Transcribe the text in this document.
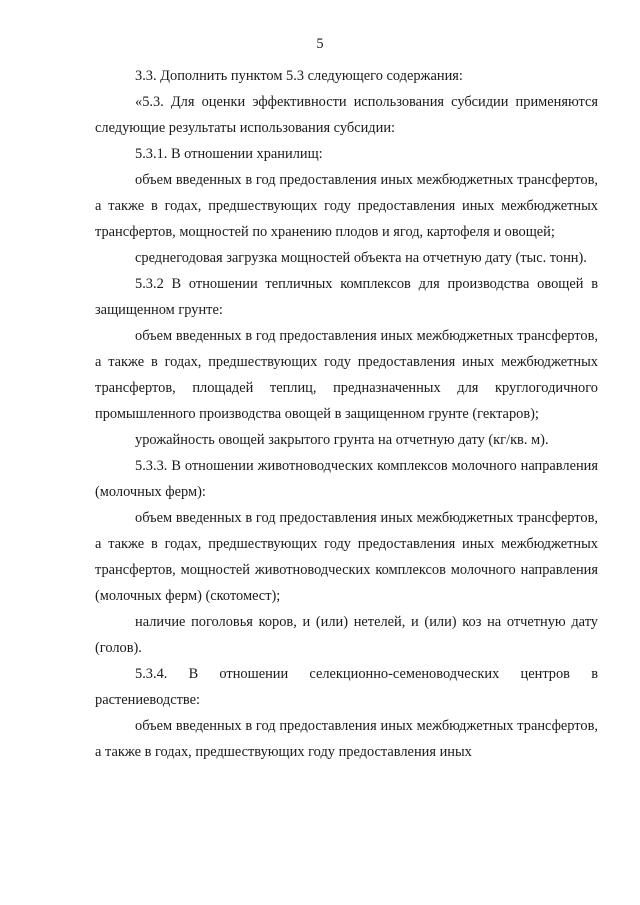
5

3.3. Дополнить пунктом 5.3 следующего содержания:

«5.3. Для оценки эффективности использования субсидии применяются следующие результаты использования субсидии:

5.3.1. В отношении хранилищ:

объем введенных в год предоставления иных межбюджетных трансфертов, а также в годах, предшествующих году предоставления иных межбюджетных трансфертов, мощностей по хранению плодов и ягод, картофеля и овощей;

среднегодовая загрузка мощностей объекта на отчетную дату (тыс. тонн).

5.3.2 В отношении тепличных комплексов для производства овощей в защищенном грунте:

объем введенных в год предоставления иных межбюджетных трансфертов, а также в годах, предшествующих году предоставления иных межбюджетных трансфертов, площадей теплиц, предназначенных для круглогодичного промышленного производства овощей в защищенном грунте (гектаров);

урожайность овощей закрытого грунта на отчетную дату (кг/кв. м).

5.3.3. В отношении животноводческих комплексов молочного направления (молочных ферм):

объем введенных в год предоставления иных межбюджетных трансфертов, а также в годах, предшествующих году предоставления иных межбюджетных трансфертов, мощностей животноводческих комплексов молочного направления (молочных ферм) (скотомест);

наличие поголовья коров, и (или) нетелей, и (или) коз на отчетную дату (голов).

5.3.4. В отношении селекционно-семеноводческих центров в растениеводстве:

объем введенных в год предоставления иных межбюджетных трансфертов, а также в годах, предшествующих году предоставления иных
